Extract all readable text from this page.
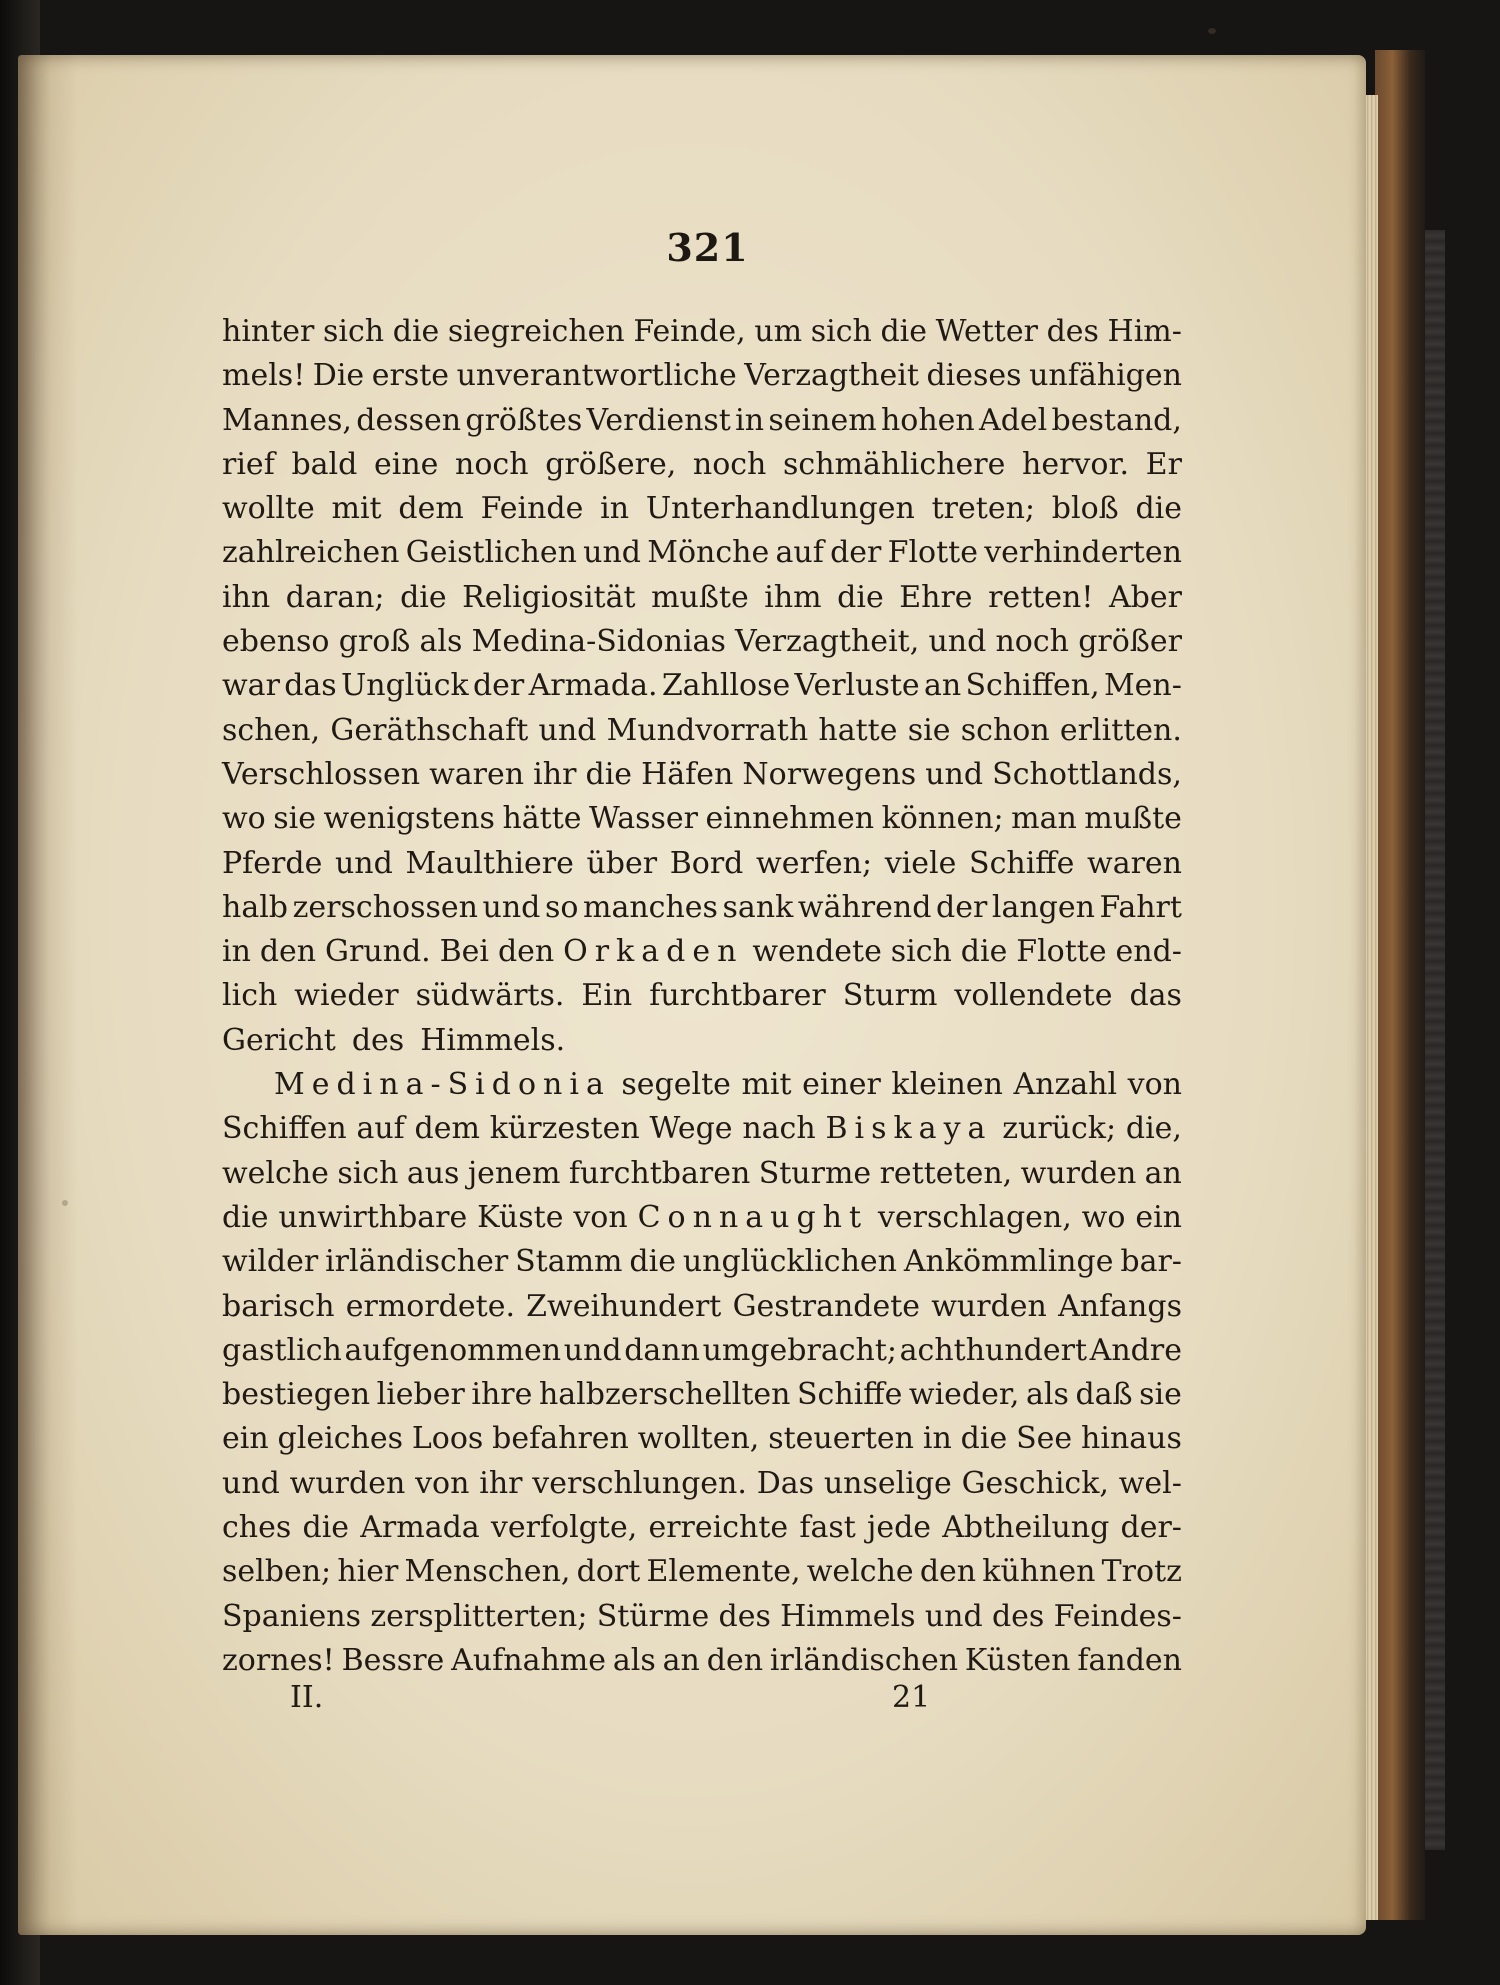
321
hinter sich die siegreichen Feinde, um sich die Wetter des Him-
mels! Die erste unverantwortliche Verzagtheit dieses unfähigen
Mannes, dessen größtes Verdienst in seinem hohen Adel bestand,
rief bald eine noch größere, noch schmählichere hervor. Er
wollte mit dem Feinde in Unterhandlungen treten; bloß die
zahlreichen Geistlichen und Mönche auf der Flotte verhinderten
ihn daran; die Religiosität mußte ihm die Ehre retten! Aber
ebenso groß als Medina-Sidonias Verzagtheit, und noch größer
war das Unglück der Armada. Zahllose Verluste an Schiffen, Men-
schen, Geräthschaft und Mundvorrath hatte sie schon erlitten.
Verschlossen waren ihr die Häfen Norwegens und Schottlands,
wo sie wenigstens hätte Wasser einnehmen können; man mußte
Pferde und Maulthiere über Bord werfen; viele Schiffe waren
halb zerschossen und so manches sank während der langen Fahrt
in den Grund. Bei den Orkaden wendete sich die Flotte end-
lich wieder südwärts. Ein furchtbarer Sturm vollendete das
Gericht des Himmels.
Medina-Sidonia segelte mit einer kleinen Anzahl von
Schiffen auf dem kürzesten Wege nach Biskaya zurück; die,
welche sich aus jenem furchtbaren Sturme retteten, wurden an
die unwirthbare Küste von Connaught verschlagen, wo ein
wilder irländischer Stamm die unglücklichen Ankömmlinge bar-
barisch ermordete. Zweihundert Gestrandete wurden Anfangs
gastlich aufgenommen und dann umgebracht; achthundert Andre
bestiegen lieber ihre halbzerschellten Schiffe wieder, als daß sie
ein gleiches Loos befahren wollten, steuerten in die See hinaus
und wurden von ihr verschlungen. Das unselige Geschick, wel-
ches die Armada verfolgte, erreichte fast jede Abtheilung der-
selben; hier Menschen, dort Elemente, welche den kühnen Trotz
Spaniens zersplitterten; Stürme des Himmels und des Feindes-
zornes! Bessre Aufnahme als an den irländischen Küsten fanden
II.	21
